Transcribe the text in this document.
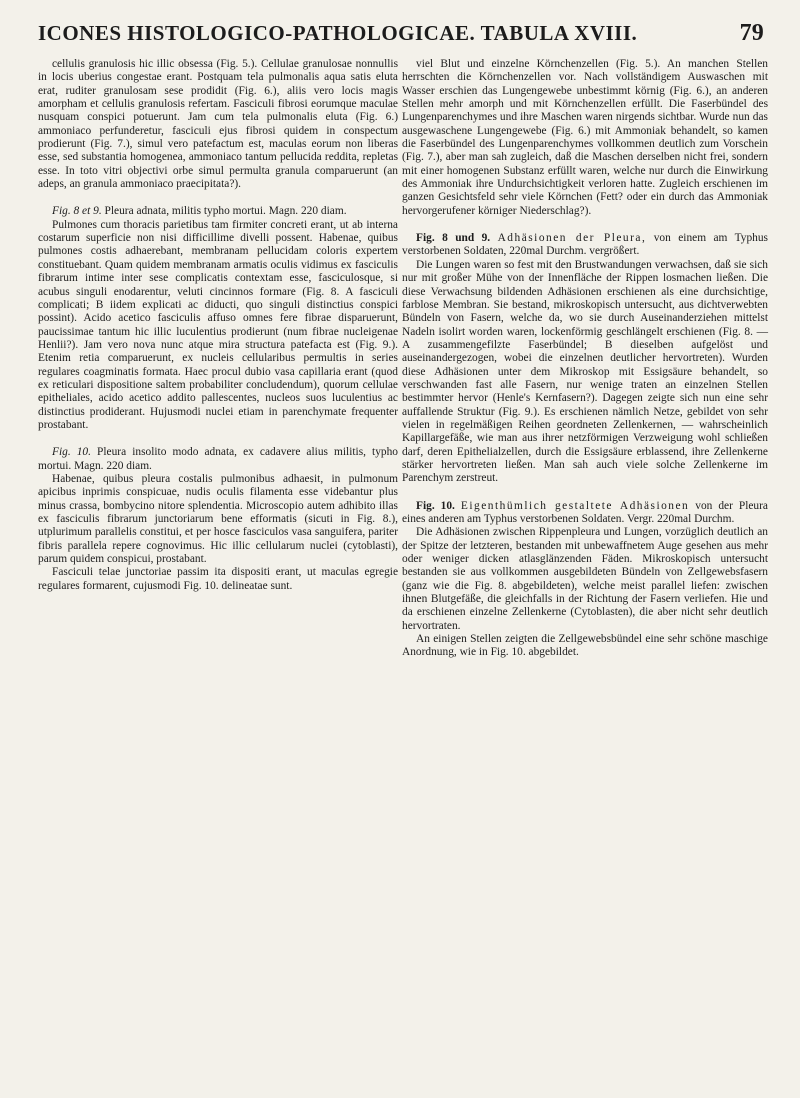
ICONES HISTOLOGICO-PATHOLOGICAE. TABULA XVIII.	79

cellulis granulosis hic illic obsessa (Fig. 5.). Cellulae granulosae nonnullis in locis uberius congestae erant. Postquam tela pulmonalis aqua satis eluta erat, ruditer granulosam sese prodidit (Fig. 6.), aliis vero locis magis amorpham et cellulis granulosis refertam. Fasciculi fibrosi eorumque maculae nusquam conspici potuerunt. Jam cum tela pulmonalis eluta (Fig. 6.) ammoniaco perfunderetur, fasciculi ejus fibrosi quidem in conspectum prodierunt (Fig. 7.), simul vero patefactum est, maculas eorum non liberas esse, sed substantia homogenea, ammoniaco tantum pellucida reddita, repletas esse. In toto vitri objectivi orbe simul permulta granula comparuerunt (an adeps, an granula ammoniaco praecipitata?).

Fig. 8 et 9. Pleura adnata, militis typho mortui. Magn. 220 diam.

Pulmones cum thoracis parietibus tam firmiter concreti erant, ut ab interna costarum superficie non nisi difficillime divelli possent. Habenae, quibus pulmones costis adhaerebant, membranam pellucidam coloris expertem constituebant. Quam quidem membranam armatis oculis vidimus ex fasciculis fibrarum intime inter sese complicatis contextam esse, fasciculosque, si acubus singuli enodarentur, veluti cincinnos formare (Fig. 8. A fasciculi complicati; B iidem explicati ac diducti, quo singuli distinctius conspici possint). Acido acetico fasciculis affuso omnes fere fibrae disparuerunt, paucissimae tantum hic illic luculentius prodierunt (num fibrae nucleigenae Henlii?). Jam vero nova nunc atque mira structura patefacta est (Fig. 9.). Etenim retia comparuerunt, ex nucleis cellularibus permultis in series regulares coagminatis formata. Haec procul dubio vasa capillaria erant (quod ex reticulari dispositione saltem probabiliter concludendum), quorum cellulae epitheliales, acido acetico addito pallescentes, nucleos suos luculentius ac distinctius prodiderant. Hujusmodi nuclei etiam in parenchymate frequenter prostabant.

Fig. 10. Pleura insolito modo adnata, ex cadavere alius militis, typho mortui. Magn. 220 diam.

Habenae, quibus pleura costalis pulmonibus adhaesit, in pulmonum apicibus inprimis conspicuae, nudis oculis filamenta esse videbantur plus minus crassa, bombycino nitore splendentia. Microscopio autem adhibito illas ex fasciculis fibrarum junctoriarum bene efformatis (sicuti in Fig. 8.), utplurimum parallelis constitui, et per hosce fasciculos vasa sanguifera, pariter fibris parallela repere cognovimus. Hic illic cellularum nuclei (cytoblasti), parum quidem conspicui, prostabant.

Fasciculi telae junctoriae passim ita dispositi erant, ut maculas egregie regulares formarent, cujusmodi Fig. 10. delineatae sunt.

viel Blut und einzelne Körnchenzellen (Fig. 5.). An manchen Stellen herrschten die Körnchenzellen vor. Nach vollständigem Auswaschen mit Wasser erschien das Lungengewebe unbestimmt körnig (Fig. 6.), an anderen Stellen mehr amorph und mit Körnchenzellen erfüllt. Die Faserbündel des Lungenparenchymes und ihre Maschen waren nirgends sichtbar. Wurde nun das ausgewaschene Lungengewebe (Fig. 6.) mit Ammoniak behandelt, so kamen die Faserbündel des Lungenparenchymes vollkommen deutlich zum Vorschein (Fig. 7.), aber man sah zugleich, daß die Maschen derselben nicht frei, sondern mit einer homogenen Substanz erfüllt waren, welche nur durch die Einwirkung des Ammoniak ihre Undurchsichtigkeit verloren hatte. Zugleich erschienen im ganzen Gesichtsfeld sehr viele Körnchen (Fett? oder ein durch das Ammoniak hervorgerufener körniger Niederschlag?).

Fig. 8 und 9. Adhäsionen der Pleura, von einem am Typhus verstorbenen Soldaten, 220mal Durchm. vergrößert.

Die Lungen waren so fest mit den Brustwandungen verwachsen, daß sie sich nur mit großer Mühe von der Innenfläche der Rippen losmachen ließen. Die diese Verwachsung bildenden Adhäsionen erschienen als eine durchsichtige, farblose Membran. Sie bestand, mikroskopisch untersucht, aus dichtverwebten Bündeln von Fasern, welche da, wo sie durch Auseinanderziehen mittelst Nadeln isolirt worden waren, lockenförmig geschlängelt erschienen (Fig. 8. — A zusammengefilzte Faserbündel; B dieselben aufgelöst und auseinandergezogen, wobei die einzelnen deutlicher hervortreten). Wurden diese Adhäsionen unter dem Mikroskop mit Essigsäure behandelt, so verschwanden fast alle Fasern, nur wenige traten an einzelnen Stellen bestimmter hervor (Henle's Kernfasern?). Dagegen zeigte sich nun eine sehr auffallende Struktur (Fig. 9.). Es erschienen nämlich Netze, gebildet von sehr vielen in regelmäßigen Reihen geordneten Zellenkernen, — wahrscheinlich Kapillargefäße, wie man aus ihrer netzförmigen Verzweigung wohl schließen darf, deren Epithelialzellen, durch die Essigsäure erblassend, ihre Zellenkerne stärker hervortreten ließen. Man sah auch viele solche Zellenkerne im Parenchym zerstreut.

Fig. 10. Eigenthümlich gestaltete Adhäsionen von der Pleura eines anderen am Typhus verstorbenen Soldaten. Vergr. 220mal Durchm.

Die Adhäsionen zwischen Rippenpleura und Lungen, vorzüglich deutlich an der Spitze der letzteren, bestanden mit unbewaffnetem Auge gesehen aus mehr oder weniger dicken atlasglänzenden Fäden. Mikroskopisch untersucht bestanden sie aus vollkommen ausgebildeten Bündeln von Zellgewebsfasern (ganz wie die Fig. 8. abgebildeten), welche meist parallel liefen: zwischen ihnen Blutgefäße, die gleichfalls in der Richtung der Fasern verliefen. Hie und da erschienen einzelne Zellenkerne (Cytoblasten), die aber nicht sehr deutlich hervortraten.

An einigen Stellen zeigten die Zellgewebsbündel eine sehr schöne maschige Anordnung, wie in Fig. 10. abgebildet.
